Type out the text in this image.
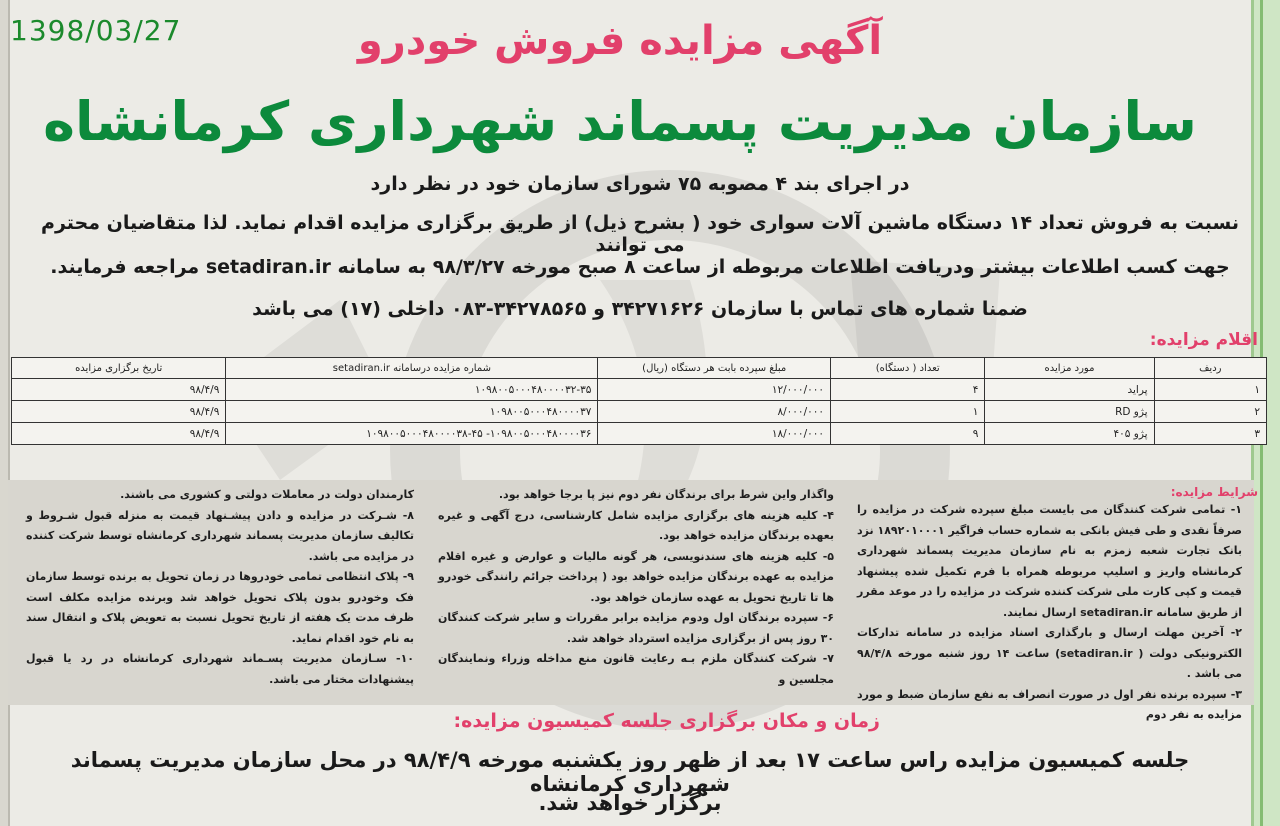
1398/03/27	آگهی مزایده فروش خودرو
سازمان مدیریت پسماند شهرداری کرمانشاه
در اجرای بند ۴ مصوبه ۷۵ شورای سازمان خود در نظر دارد
نسبت به فروش تعداد ۱۴ دستگاه ماشین آلات سواری خود ( بشرح ذیل) از طریق برگزاری مزایده اقدام نماید. لذا متقاضیان محترم می توانند
جهت کسب اطلاعات بیشتر ودریافت اطلاعات مربوطه از ساعت ۸ صبح مورخه ۹۸/۳/۲۷ به سامانه setadiran.ir مراجعه فرمایند.
ضمنا شماره های تماس با سازمان ۳۴۲۷۱۶۲۶ و ۳۴۲۷۸۵۶۵-۰۸۳ داخلی (۱۷) می باشد
اقلام مزایده:
ردیف	مورد مزایده	تعداد ( دستگاه)	مبلغ سپرده بابت هر دستگاه (ریال)	شماره مزایده درسامانه setadiran.ir	تاریخ برگزاری مزایده
۱	پراید	۴	۱۲/۰۰۰/۰۰۰	۱۰۹۸۰۰۵۰۰۰۴۸۰۰۰۰۳۲-۳۵	۹۸/۴/۹
۲	پژو RD	۱	۸/۰۰۰/۰۰۰	۱۰۹۸۰۰۵۰۰۰۴۸۰۰۰۰۳۷	۹۸/۴/۹
۳	پژو ۴۰۵	۹	۱۸/۰۰۰/۰۰۰	۱۰۹۸۰۰۵۰۰۰۴۸۰۰۰۰۳۶- ۱۰۹۸۰۰۵۰۰۰۴۸۰۰۰۰۳۸-۴۵	۹۸/۴/۹
شرایط مزایده:

۱- تمامی شرکت کنندگان می بایست مبلغ سپرده شرکت در مزایده را صرفاً نقدی و طی فیش بانکی به شماره حساب فراگیر ۱۸۹۲۰۱۰۰۰۱ نزد بانک تجارت شعبه زمزم به نام سازمان مدیریت پسماند شهرداری کرمانشاه واریز و اسلیپ مربوطه همراه با فرم تکمیل شده پیشنهاد قیمت و کپی کارت ملی شرکت کننده شرکت در مزایده را در موعد مقرر از طریق سامانه setadiran.ir ارسال نمایند.

۲- آخرین مهلت ارسال و بارگذاری اسناد مزایده در سامانه تدارکات الکترونیکی دولت ( setadiran.ir) ساعت ۱۴ روز شنبه مورخه ۹۸/۴/۸ می باشد .

۳- سپرده برنده نفر اول در صورت انصراف به نفع سازمان ضبط و مورد مزایده به نفر دوم

واگذار واین شرط برای برندگان نفر دوم نیز پا برجا خواهد بود.

۴- کلیه هزینه های برگزاری مزایده شامل کارشناسی، درج آگهی و غیره بعهده برندگان مزایده خواهد بود.

۵- کلیه هزینه های سندنویسی، هر گونه مالیات و عوارض و غیره اقلام مزایده به عهده برندگان مزایده خواهد بود ( پرداخت جرائم رانندگی خودرو ها تا تاریخ تحویل به عهده سازمان خواهد بود.

۶- سپرده برندگان اول ودوم مزایده برابر مقررات و سایر شرکت کنندگان ۳۰ روز پس از برگزاری مزایده استرداد خواهد شد.

۷- شرکت کنندگان ملزم بـه رعایت قانون منع مداخله وزراء ونمایندگان مجلسین و

کارمندان دولت در معاملات دولتی و کشوری می باشند.

۸- شـرکت در مزایده و دادن پیشـنهاد قیمت به منزله قبول شـروط و تکالیف سازمان مدیریت پسماند شهرداری کرمانشاه توسط شرکت کننده در مزایده می باشد.

۹- پلاک انتظامی تمامی خودروها در زمان تحویل به برنده توسط سازمان فک وخودرو بدون پلاک تحویل خواهد شد وبرنده مزایده مکلف است ظرف مدت یک هفته از تاریخ تحویل نسبت به تعویض پلاک و انتقال سند به نام خود اقدام نماید.

۱۰- سـازمان مدیریت پسـماند شهرداری کرمانشاه در رد یا قبول پیشنهادات مختار می باشد.

زمان و مکان برگزاری جلسه کمیسیون مزایده:
جلسه کمیسیون مزایده راس ساعت ۱۷ بعد از ظهر روز یکشنبه مورخه ۹۸/۴/۹ در محل سازمان مدیریت پسماند شهرداری کرمانشاه
برگزار خواهد شد.
